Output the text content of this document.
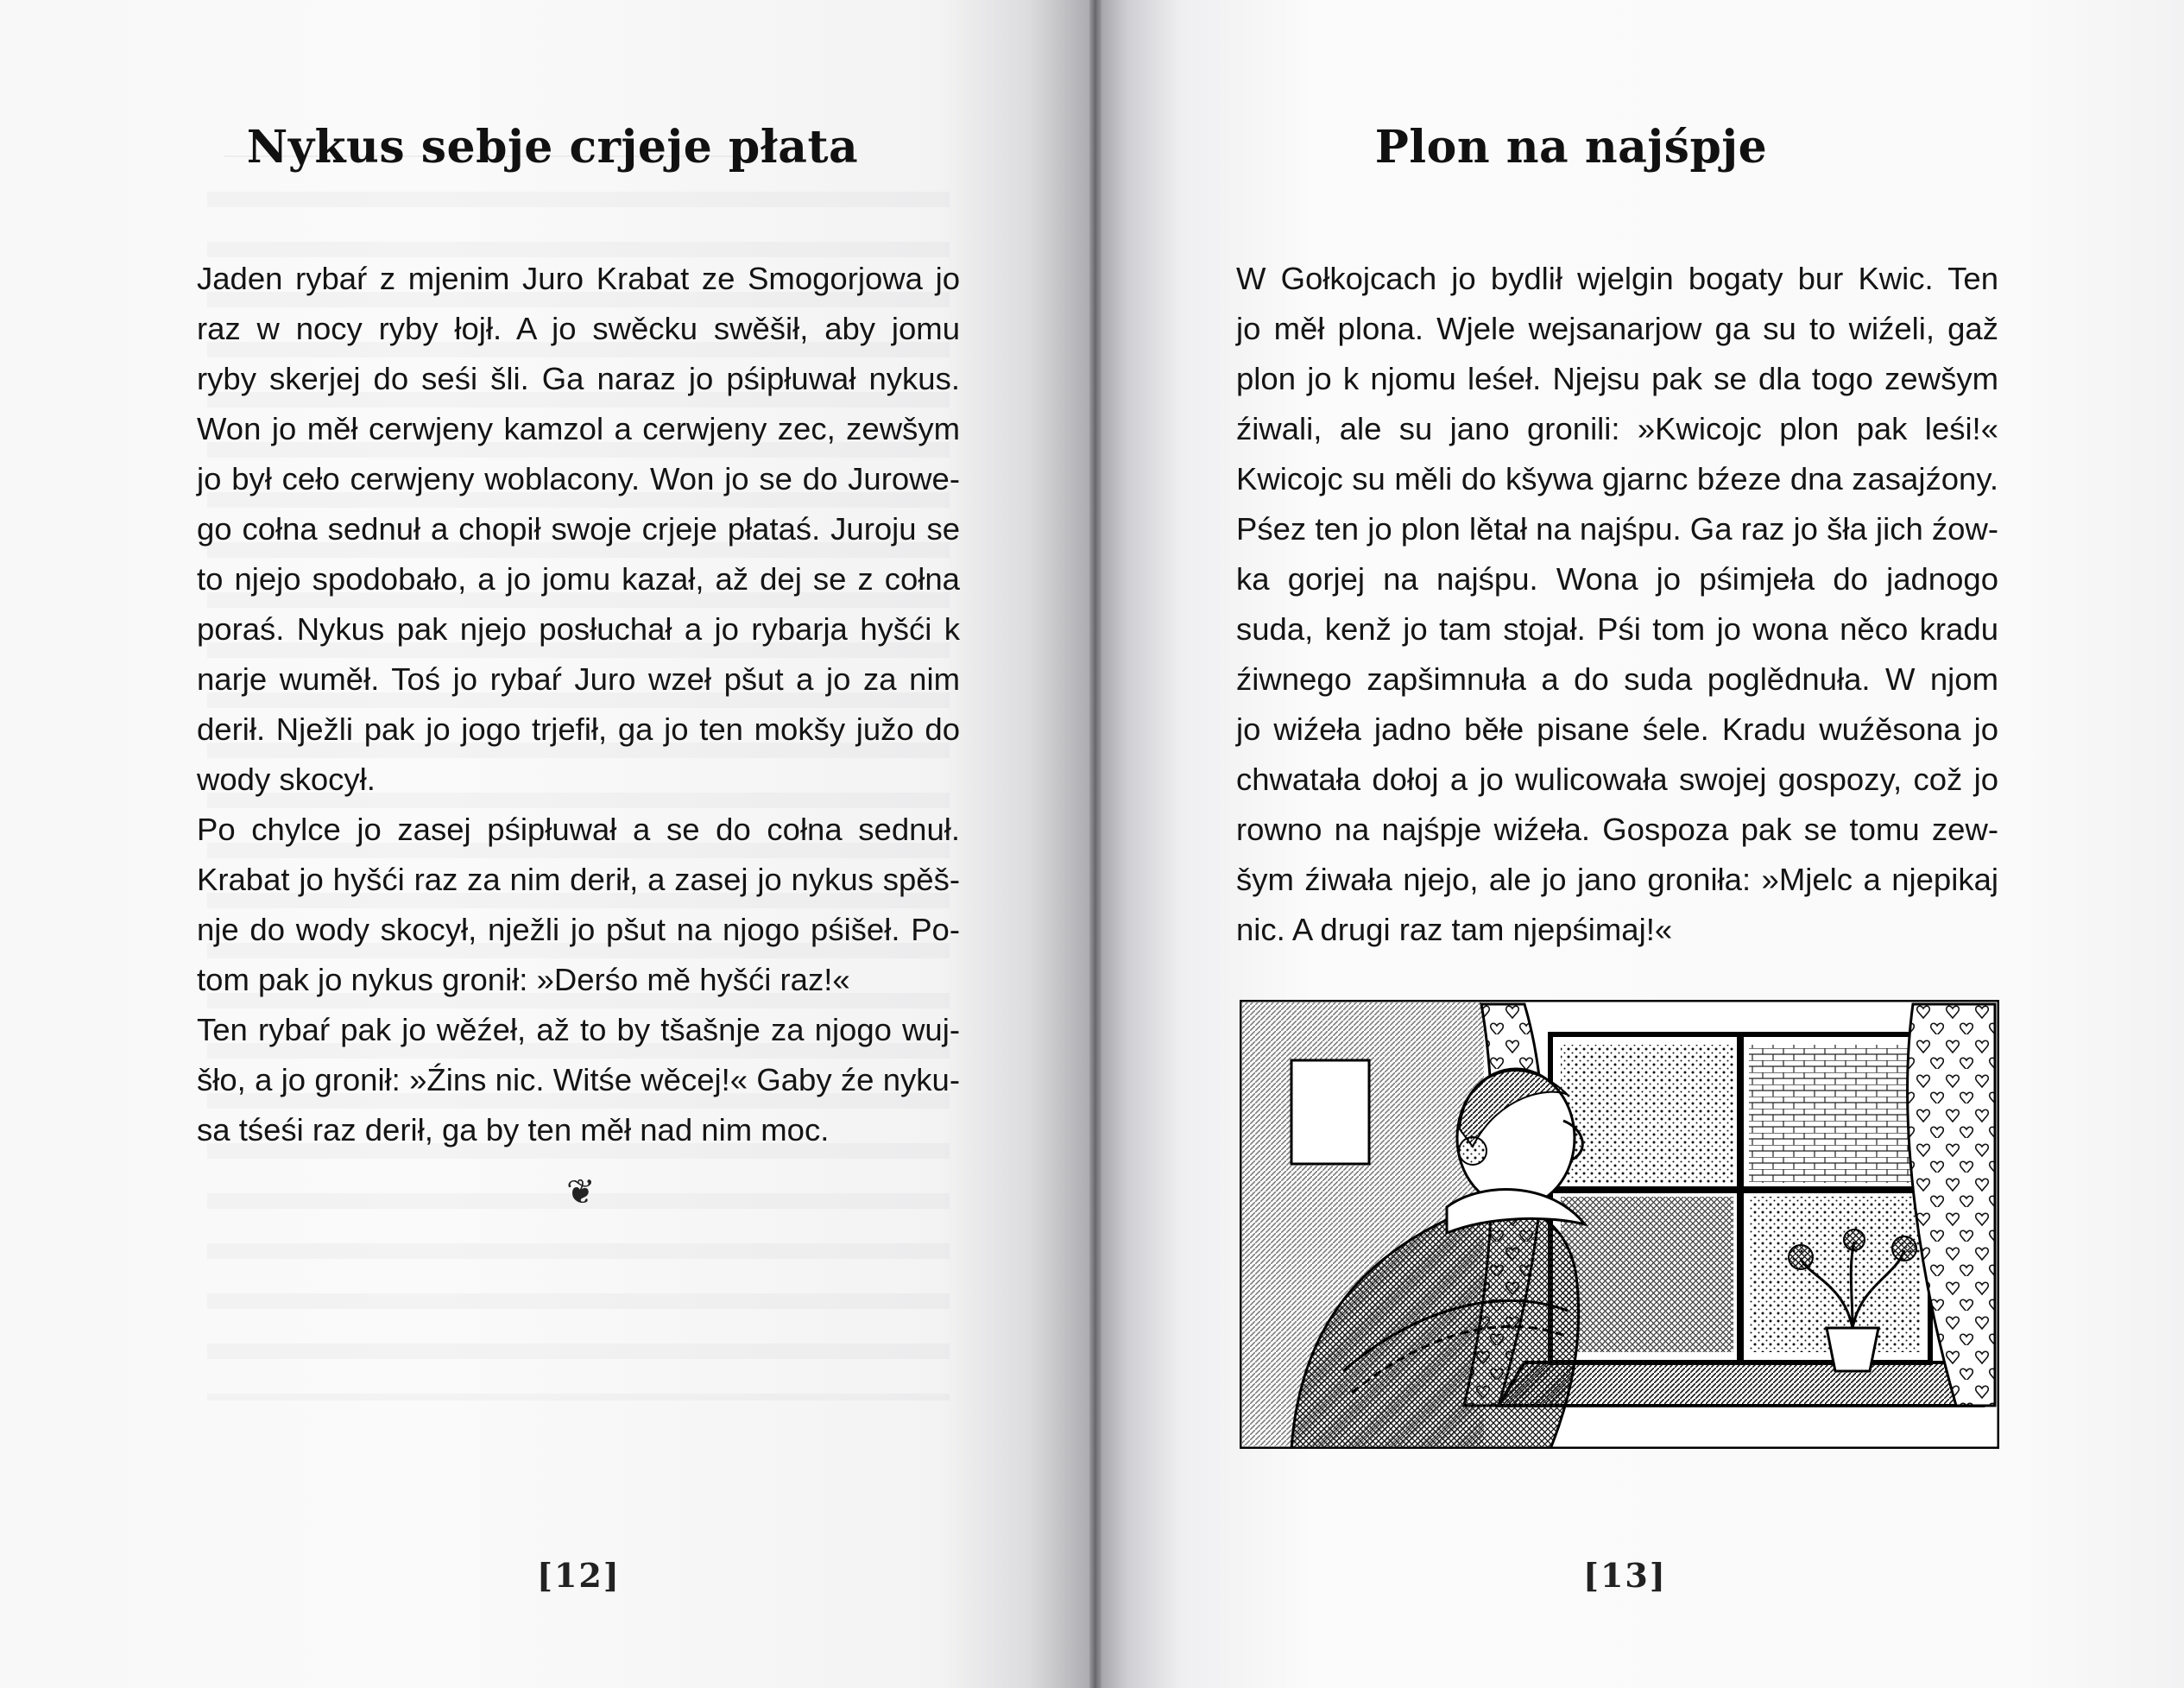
Nykus sebje crjeje płata
Jaden rybaŕ z mjenim Juro Krabat ze Smogorjowa jo
raz w nocy ryby łojł. A jo swěcku swěšił, aby jomu
ryby skerjej do seśi šli. Ga naraz jo pśipłuwał nykus.
Won jo měł cerwjeny kamzol a cerwjeny zec, zewšym
jo był cełо cerwjeny woblacony. Won jo se do Jurowe-
go cołna sednuł a chopił swoje crjeje płataś. Juroju se
to njejo spodobało, a jo jomu kazał, až dej se z cołna
poraś. Nykus pak njejo posłuchał a jo rybarja hyšći k
narje wuměł. Toś jo rybaŕ Juro wzeł pšut a jo za nim
derił. Nježli pak jo jogo trjefił, ga jo ten mokšy južo do
wody skocył.
Po chylce jo zasej pśipłuwał a se do cołna sednuł.
Krabat jo hyšći raz za nim derił, a zasej jo nykus spěš-
nje do wody skocył, nježli jo pšut na njogo pśišeł. Po-
tom pak jo nykus gronił: »Derśo mě hyšći raz!«
Ten rybaŕ pak jo wěźeł, až to by tšašnje za njogo wuj-
šło, a jo gronił: »Źins nic. Witśe wěcej!« Gaby źe nyku-
sa tśeśi raz derił, ga by ten měł nad nim moc.
❦

[12]

Plon na najśpje
W Gołkojcach jo bydlił wjelgin bogaty bur Kwic. Ten
jo měł plona. Wjele wejsanarjow ga su to wiźeli, gaž
plon jo k njomu leśeł. Njejsu pak se dla togo zewšym
źiwali, ale su jano gronili: »Kwicojc plon pak leśi!«
Kwicojc su měli do kšywa gjarnc bźeze dna zasajźony.
Pśez ten jo plon lětał na najśpu. Ga raz jo šła jich źow-
ka gorjej na najśpu. Wona jo pśimjeła do jadnogo
suda, kenž jo tam stojał. Pśi tom jo wona něco kradu
źiwnego zapšimnuła a do suda poglědnuła. W njom
jo wiźeła jadno běłe pisane śele. Kradu wuźěsona jo
chwatała dołoj a jo wulicowała swojej gospozy, což jo
rowno na najśpje wiźeła. Gospoza pak se tomu zew-
šym źiwała njejo, ale jo jano groniła: »Mjelc a njepikaj
nic. A drugi raz tam njepśimaj!«

[13]
